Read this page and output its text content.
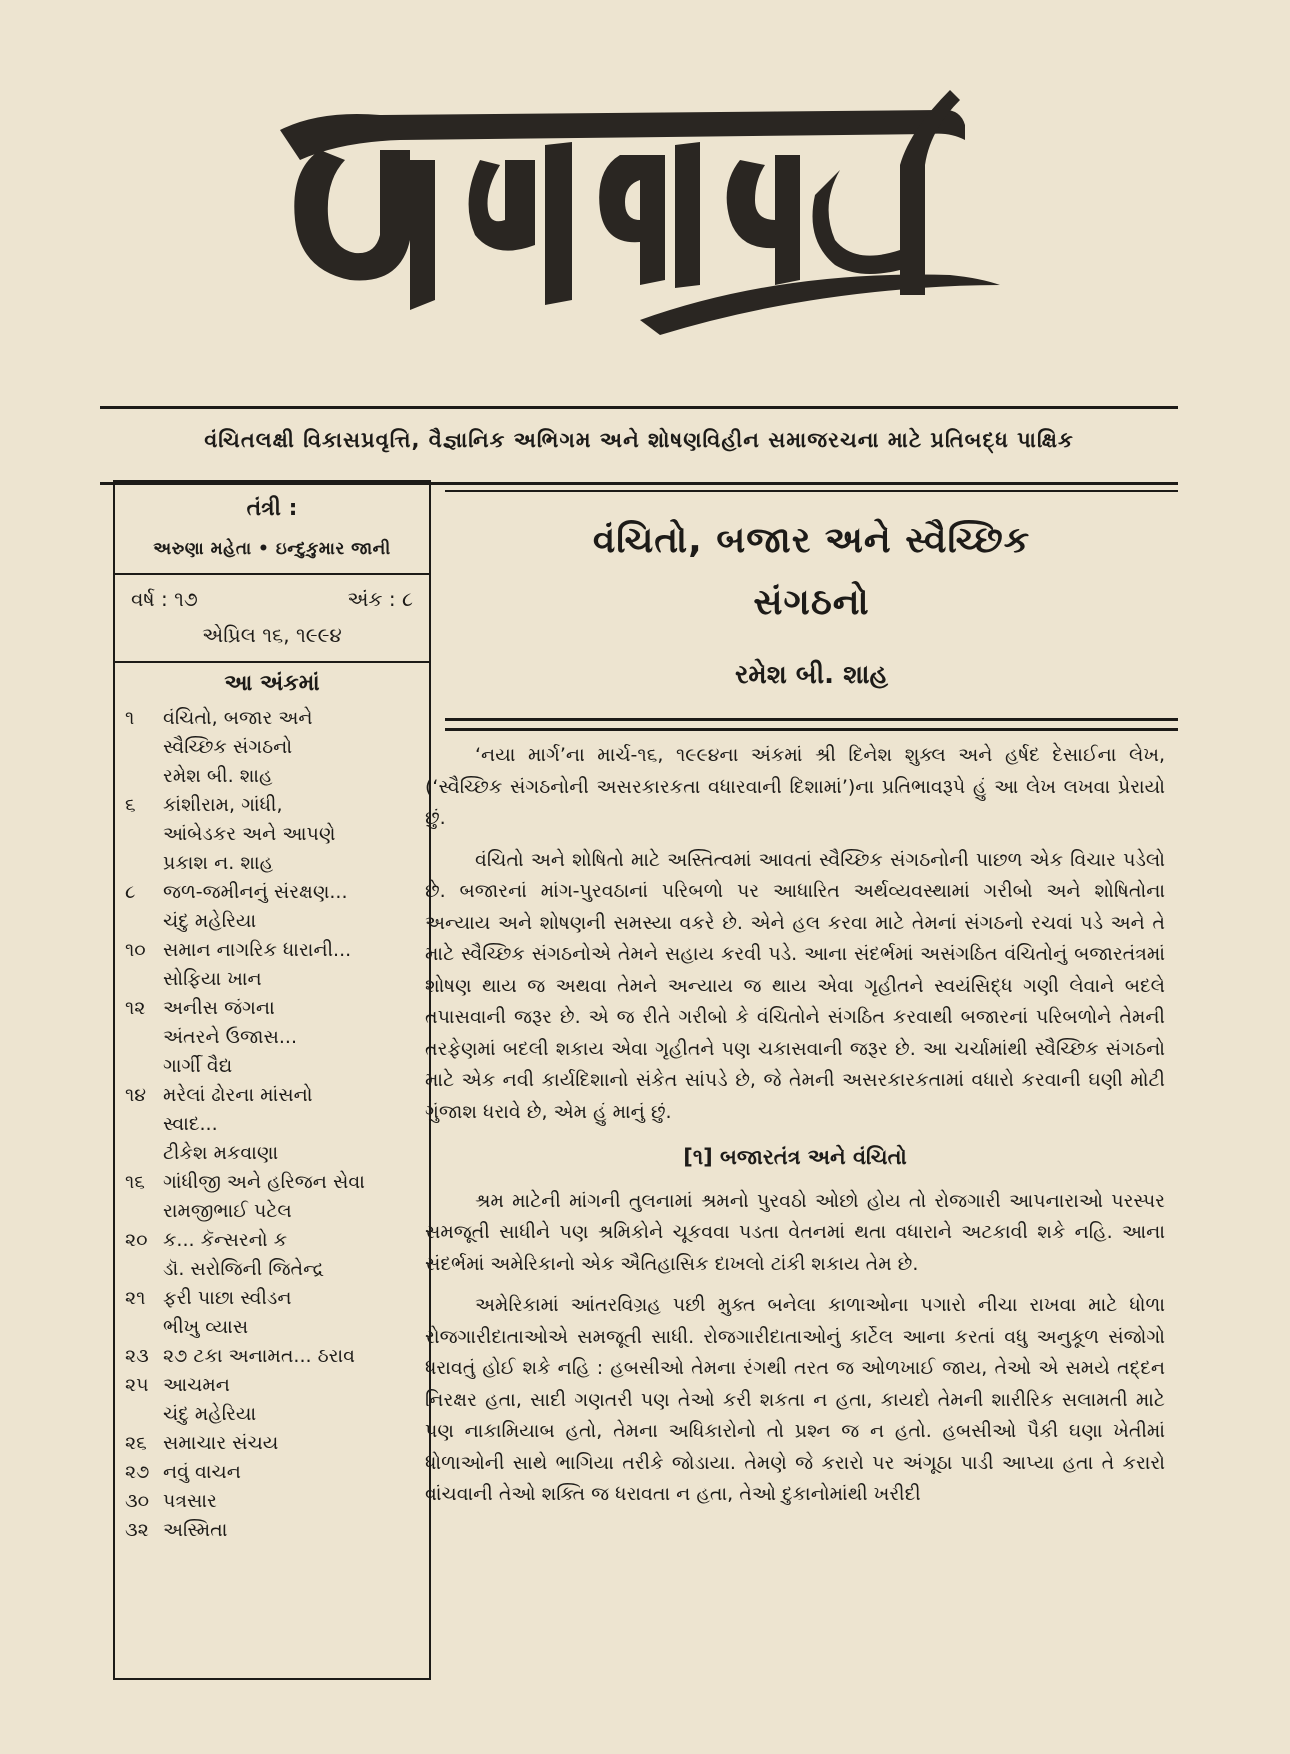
વંચિતલક્ષી વિકાસપ્રવૃત્તિ, વૈજ્ઞાનિક અભિગમ અને શોષણવિહીન સમાજરચના માટે પ્રતિબદ્ધ પાક્ષિક
તંત્રી :
અરુણા મહેતા • ઇન્દુકુમાર જાની
વર્ષ : ૧૭	અંક : ૮
એપ્રિલ ૧૬, ૧૯૯૪
આ અંકમાં
૧	વંચિતો, બજાર અને
સ્વૈચ્છિક સંગઠનો
રમેશ બી. શાહ
૬	કાંશીરામ, ગાંધી,
આંબેડકર અને આપણે
પ્રકાશ ન. શાહ
૮	જળ-જમીનનું સંરક્ષણ...
ચંદુ મહેરિયા
૧૦ સમાન નાગરિક ધારાની...
સોફિયા ખાન
૧૨ અનીસ જંગના
અંતરને ઉજાસ...
ગાર્ગી વૈદ્ય
૧૪ મરેલાં ઢોરના માંસનો
સ્વાદ...
ટીકેશ મકવાણા
૧૬ ગાંધીજી અને હરિજન સેવા
રામજીભાઈ પટેલ
૨૦ ક... કૅન્સરનો ક
ડૉ. સરોજિની જિતેન્દ્ર
૨૧ ફરી પાછા સ્વીડન
ભીખુ વ્યાસ
૨૩ ૨૭ ટકા અનામત... ઠરાવ
૨૫ આચમન
ચંદુ મહેરિયા
૨૬ સમાચાર સંચય
૨૭ નવું વાચન
૩૦ પત્રસાર
૩૨ અસ્મિતા
વંચિતો, બજાર અને સ્વૈચ્છિક
સંગઠનો
રમેશ બી. શાહ

‘નયા માર્ગ’ના માર્ચ-૧૬, ૧૯૯૪ના અંકમાં શ્રી દિનેશ શુક્લ અને હર્ષદ દેસાઈના લેખ, (‘સ્વૈચ્છિક સંગઠનોની અસરકારકતા વધારવાની દિશામાં’)ના પ્રતિભાવરૂપે હું આ લેખ લખવા પ્રેરાયો છું.

વંચિતો અને શોષિતો માટે અસ્તિત્વમાં આવતાં સ્વૈચ્છિક સંગઠનોની પાછળ એક વિચાર પડેલો છે. બજારનાં માંગ-પુરવઠાનાં પરિબળો પર આધારિત અર્થવ્યવસ્થામાં ગરીબો અને શોષિતોના અન્યાય અને શોષણની સમસ્યા વકરે છે. એને હલ કરવા માટે તેમનાં સંગઠનો રચવાં પડે અને તે માટે સ્વૈચ્છિક સંગઠનોએ તેમને સહાય કરવી પડે. આના સંદર્ભમાં અસંગઠિત વંચિતોનું બજારતંત્રમાં શોષણ થાય જ અથવા તેમને અન્યાય જ થાય એવા ગૃહીતને સ્વયંસિદ્ધ ગણી લેવાને બદલે તપાસવાની જરૂર છે. એ જ રીતે ગરીબો કે વંચિતોને સંગઠિત કરવાથી બજારનાં પરિબળોને તેમની તરફેણમાં બદલી શકાય એવા ગૃહીતને પણ ચકાસવાની જરૂર છે. આ ચર્ચામાંથી સ્વૈચ્છિક સંગઠનો માટે એક નવી કાર્યદિશાનો સંકેત સાંપડે છે, જે તેમની અસરકારકતામાં વધારો કરવાની ઘણી મોટી ગુંજાશ ધરાવે છે, એમ હું માનું છું.

[૧] બજારતંત્ર અને વંચિતો

શ્રમ માટેની માંગની તુલનામાં શ્રમનો પુરવઠો ઓછો હોય તો રોજગારી આપનારાઓ પરસ્પર સમજૂતી સાધીને પણ શ્રમિકોને ચૂકવવા પડતા વેતનમાં થતા વધારાને અટકાવી શકે નહિ. આના સંદર્ભમાં અમેરિકાનો એક ઐતિહાસિક દાખલો ટાંકી શકાય તેમ છે.

અમેરિકામાં આંતરવિગ્રહ પછી મુક્ત બનેલા કાળાઓના પગારો નીચા રાખવા માટે ધોળા રોજગારીદાતાઓએ સમજૂતી સાધી. રોજગારીદાતાઓનું કાર્ટેલ આના કરતાં વધુ અનુકૂળ સંજોગો ધરાવતું હોઈ શકે નહિ : હબસીઓ તેમના રંગથી તરત જ ઓળખાઈ જાય, તેઓ એ સમયે તદ્દન નિરક્ષર હતા, સાદી ગણતરી પણ તેઓ કરી શકતા ન હતા, કાયદો તેમની શારીરિક સલામતી માટે પણ નાકામિયાબ હતો, તેમના અધિકારોનો તો પ્રશ્ન જ ન હતો. હબસીઓ પૈકી ઘણા ખેતીમાં ધોળાઓની સાથે ભાગિયા તરીકે જોડાયા. તેમણે જે કરારો પર અંગૂઠા પાડી આપ્યા હતા તે કરારો વાંચવાની તેઓ શક્તિ જ ધરાવતા ન હતા, તેઓ દુકાનોમાંથી ખરીદી
